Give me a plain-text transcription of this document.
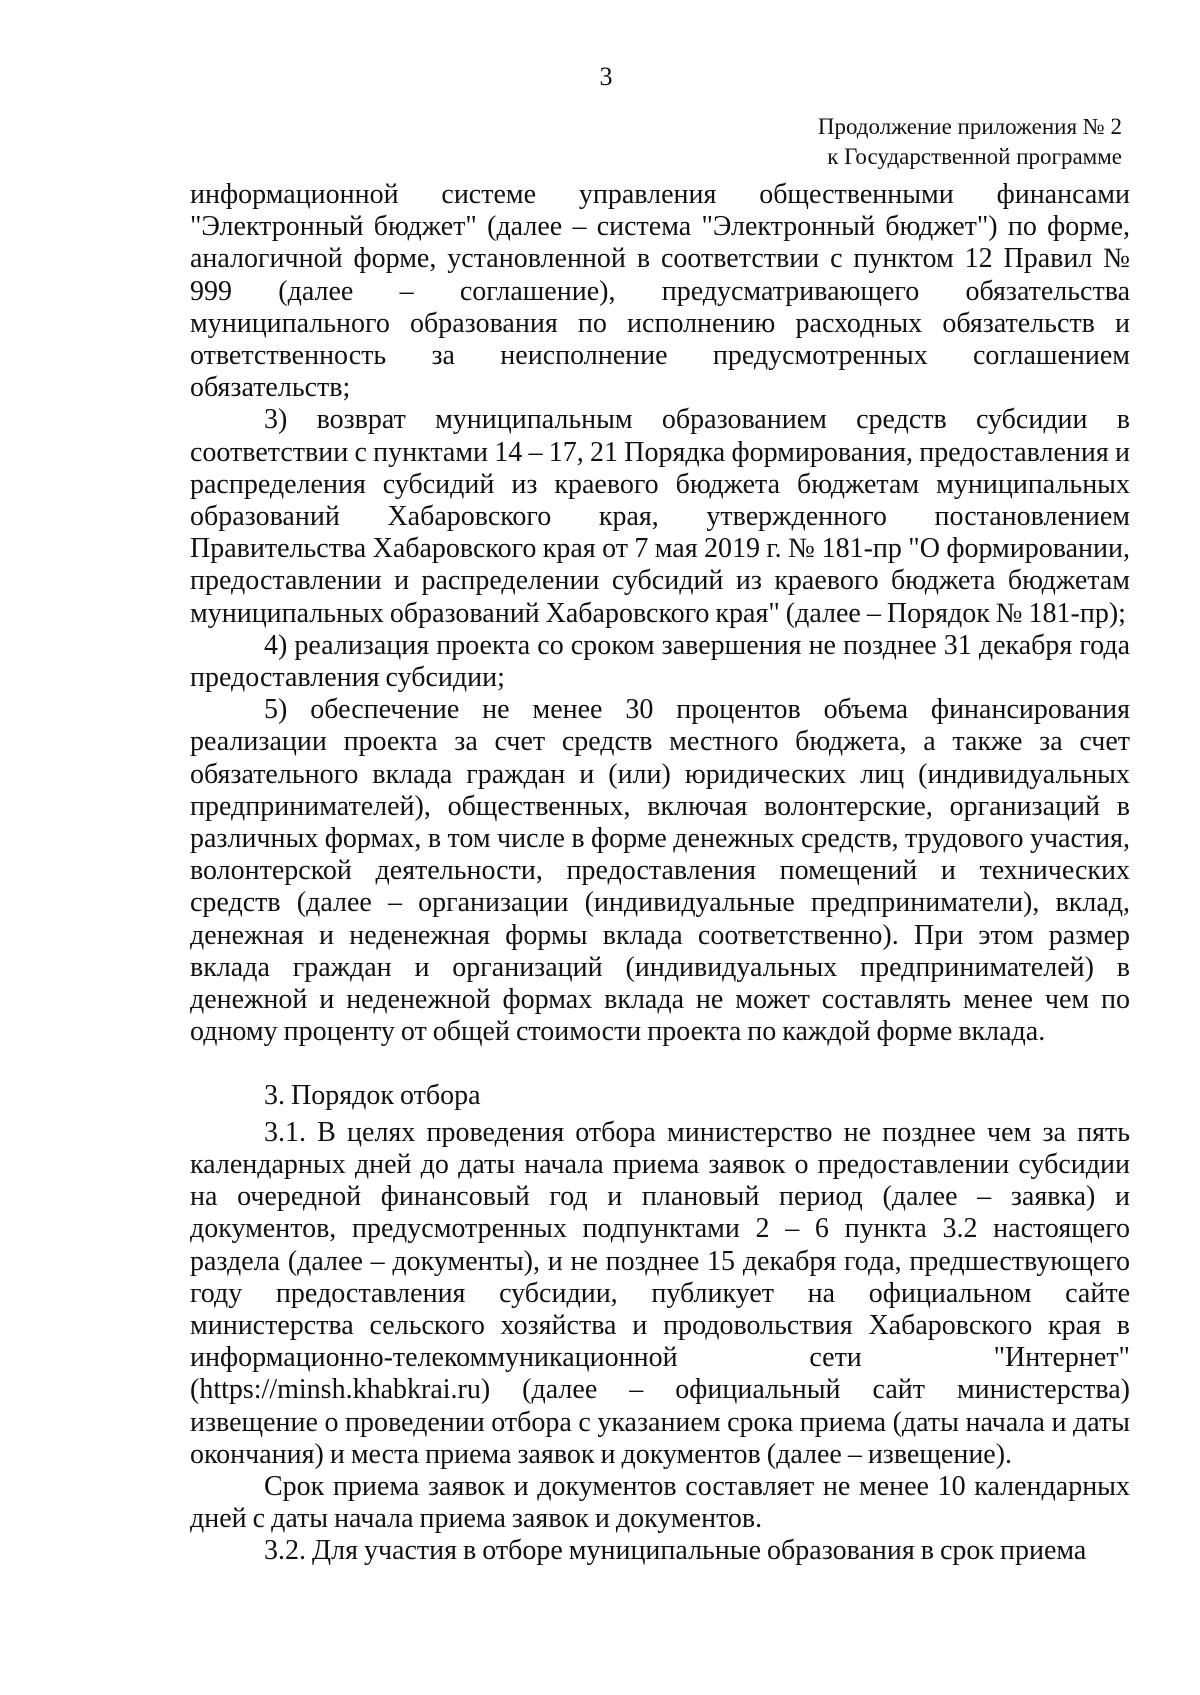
3
Продолжение приложения № 2
к Государственной программе

информационной системе управления общественными финансами "Электронный бюджет" (далее – система "Электронный бюджет") по форме, аналогичной форме, установленной в соответствии с пунктом 12 Правил № 999 (далее – соглашение), предусматривающего обязательства муниципального образования по исполнению расходных обязательств и ответственность за неисполнение предусмотренных соглашением обязательств;

3) возврат муниципальным образованием средств субсидии в соответствии с пунктами 14 – 17, 21 Порядка формирования, предоставления и распределения субсидий из краевого бюджета бюджетам муниципальных образований Хабаровского края, утвержденного постановлением Правительства Хабаровского края от 7 мая 2019 г. № 181-пр "О формировании, предоставлении и распределении субсидий из краевого бюджета бюджетам муниципальных образований Хабаровского края" (далее – Порядок № 181-пр);

4) реализация проекта со сроком завершения не позднее 31 декабря года предоставления субсидии;

5) обеспечение не менее 30 процентов объема финансирования реализации проекта за счет средств местного бюджета, а также за счет обязательного вклада граждан и (или) юридических лиц (индивидуальных предпринимателей), общественных, включая волонтерские, организаций в различных формах, в том числе в форме денежных средств, трудового участия, волонтерской деятельности, предоставления помещений и технических средств (далее – организации (индивидуальные предприниматели), вклад, денежная и неденежная формы вклада соответственно). При этом размер вклада граждан и организаций (индивидуальных предпринимателей) в денежной и неденежной формах вклада не может составлять менее чем по одному проценту от общей стоимости проекта по каждой форме вклада.

3. Порядок отбора

3.1. В целях проведения отбора министерство не позднее чем за пять календарных дней до даты начала приема заявок о предоставлении субсидии на очередной финансовый год и плановый период (далее – заявка) и документов, предусмотренных подпунктами 2 – 6 пункта 3.2 настоящего раздела (далее – документы), и не позднее 15 декабря года, предшествующего году предоставления субсидии, публикует на официальном сайте министерства сельского хозяйства и продовольствия Хабаровского края в информационно-телекоммуникационной сети "Интернет" (https://minsh.khabkrai.ru) (далее – официальный сайт министерства) извещение о проведении отбора с указанием срока приема (даты начала и даты окончания) и места приема заявок и документов (далее – извещение).

Срок приема заявок и документов составляет не менее 10 календарных дней с даты начала приема заявок и документов.

3.2. Для участия в отборе муниципальные образования в срок приема
